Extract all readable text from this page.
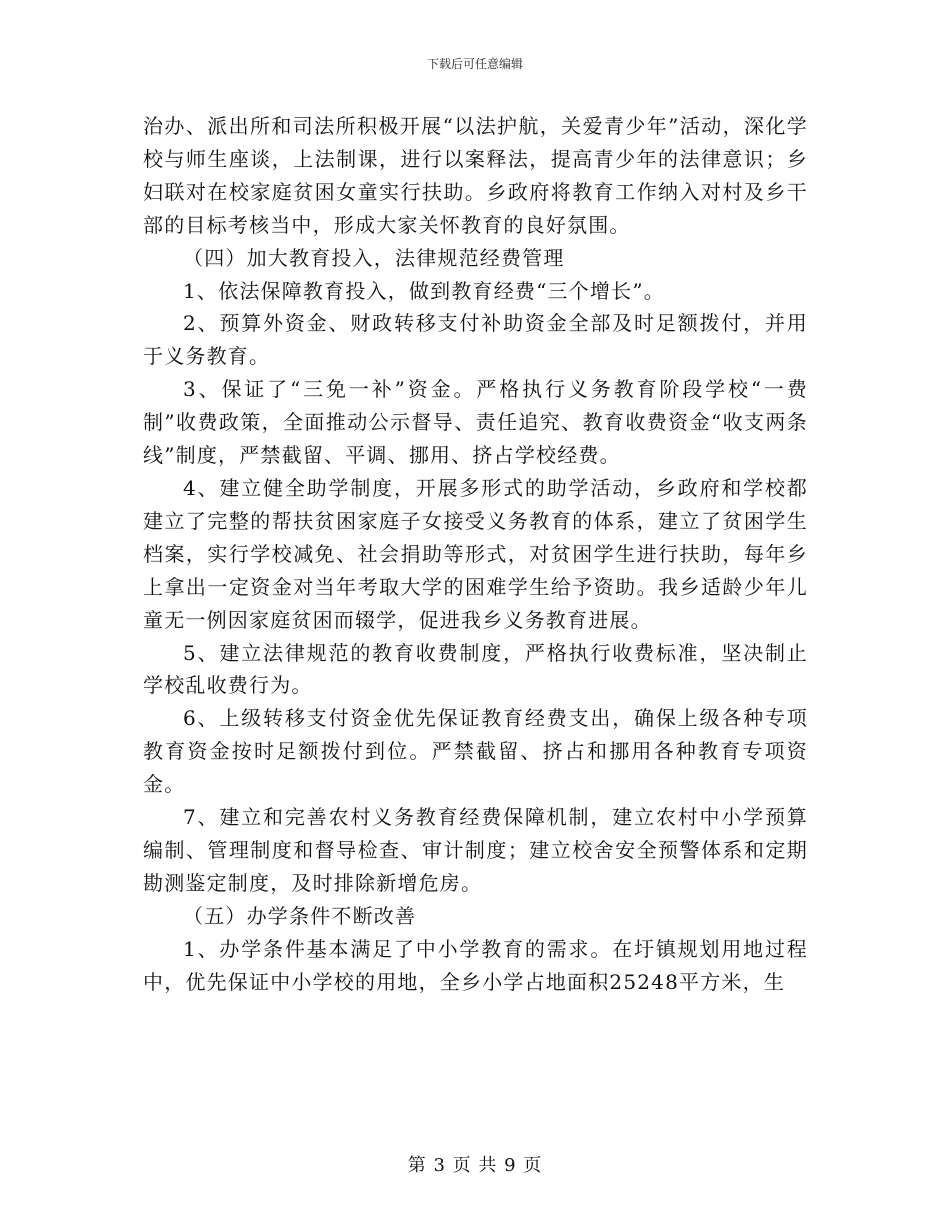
下载后可任意编辑

治办、派出所和司法所积极开展“以法护航，关爱青少年”活动，深化学校与师生座谈，上法制课，进行以案释法，提高青少年的法律意识；乡妇联对在校家庭贫困女童实行扶助。乡政府将教育工作纳入对村及乡干部的目标考核当中，形成大家关怀教育的良好氛围。

（四）加大教育投入，法律规范经费管理

1、依法保障教育投入，做到教育经费“三个增长”。

2、预算外资金、财政转移支付补助资金全部及时足额拨付，并用于义务教育。

3、保证了“三免一补”资金。严格执行义务教育阶段学校“一费制”收费政策，全面推动公示督导、责任追究、教育收费资金“收支两条线”制度，严禁截留、平调、挪用、挤占学校经费。

4、建立健全助学制度，开展多形式的助学活动，乡政府和学校都建立了完整的帮扶贫困家庭子女接受义务教育的体系，建立了贫困学生档案，实行学校减免、社会捐助等形式，对贫困学生进行扶助，每年乡上拿出一定资金对当年考取大学的困难学生给予资助。我乡适龄少年儿童无一例因家庭贫困而辍学，促进我乡义务教育进展。

5、建立法律规范的教育收费制度，严格执行收费标准，坚决制止学校乱收费行为。

6、上级转移支付资金优先保证教育经费支出，确保上级各种专项教育资金按时足额拨付到位。严禁截留、挤占和挪用各种教育专项资金。

7、建立和完善农村义务教育经费保障机制，建立农村中小学预算编制、管理制度和督导检查、审计制度；建立校舍安全预警体系和定期勘测鉴定制度，及时排除新增危房。

（五）办学条件不断改善

1、办学条件基本满足了中小学教育的需求。在圩镇规划用地过程中，优先保证中小学校的用地，全乡小学占地面积25248平方米，生

第 3 页 共 9 页
